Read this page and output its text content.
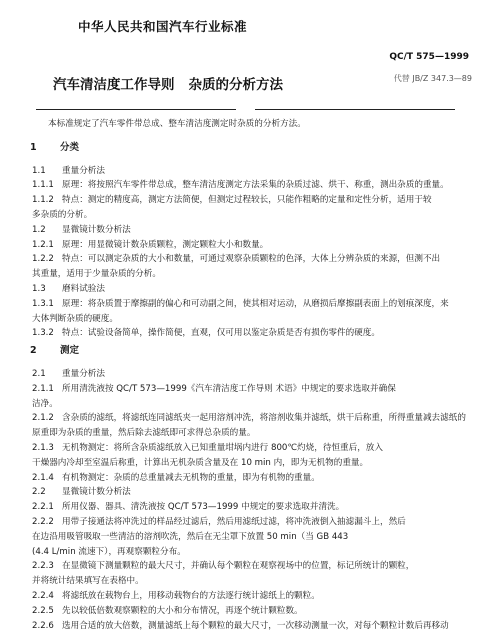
中华人民共和国汽车行业标准
QC/T 575—1999
汽车清洁度工作导则 杂质的分析方法	代替 JB/Z 347.3—89

本标准规定了汽车零件带总成、整车清洁度测定时杂质的分析方法。

1 分类

1.1 重量分析法

1.1.1 原理：将按照汽车零件带总成，整车清洁度测定方法采集的杂质过滤、烘干、称重，测出杂质的重量。

1.1.2 特点：测定的精度高，测定方法简便，但测定过程较长，只能作粗略的定量和定性分析，适用于较

多杂质的分析。

1.2 显微镜计数分析法

1.2.1 原理：用显微镜计数杂质颗粒，测定颗粒大小和数量。

1.2.2 特点：可以测定杂质的大小和数量，可通过观察杂质颗粒的色泽，大体上分辨杂质的来源，但测不出

其重量，适用于少量杂质的分析。

1.3 磨料试验法

1.3.1 原理：将杂质置于摩擦副的偏心和可动副之间，使其相对运动，从磨损后摩擦副表面上的划痕深度，来

大体判断杂质的硬度。

1.3.2 特点：试验设备简单，操作简便，直观，仅可用以鉴定杂质是否有损伤零件的硬度。

2 测定

2.1 重量分析法

2.1.1 所用清洗液按 QC/T 573—1999《汽车清洁度工作导则 术语》中规定的要求选取并确保

洁净。

2.1.2 含杂质的滤纸，将滤纸连同滤纸夹一起用溶剂冲洗，将溶剂收集并滤纸，烘干后称重，所得重量减去滤纸的

原重即为杂质的重量，然后除去滤纸即可求得总杂质的量。

2.1.3 无机物测定：将所含杂质滤纸放入已知重量坩埚内进行 800℃灼烧，待恒重后，放入

干燥器内冷却至室温后称重，计算出无机杂质含量及在 10 min 内，即为无机物的重量。

2.1.4 有机物测定：杂质的总重量减去无机物的重量，即为有机物的重量。

2.2 显微镜计数分析法

2.2.1 所用仪器、器具、清洗液按 QC/T 573—1999 中规定的要求选取并清洗。

2.2.2 用带子接通法将冲洗过的样品经过滤后，然后用滤纸过滤，将冲洗液倒入抽滤漏斗上，然后

在边沿用吸管吸取一些清洁的溶剂吹洗，然后在无尘罩下放置 50 min（当 GB 443

(4.4 L/min 流速下），再观察颗粒分布。

2.2.3 在显微镜下测量颗粒的最大尺寸，并确认每个颗粒在观察视场中的位置，标记所统计的颗粒，

并将统计结果填写在表格中。

2.2.4 将滤纸放在载物台上，用移动载物台的方法逐行统计滤纸上的颗粒。

2.2.5 先以较低倍数观察颗粒的大小和分布情况，再逐个统计颗粒数。

2.2.6 选用合适的放大倍数，测量滤纸上每个颗粒的最大尺寸，一次移动测量一次，对每个颗粒计数后再移动
